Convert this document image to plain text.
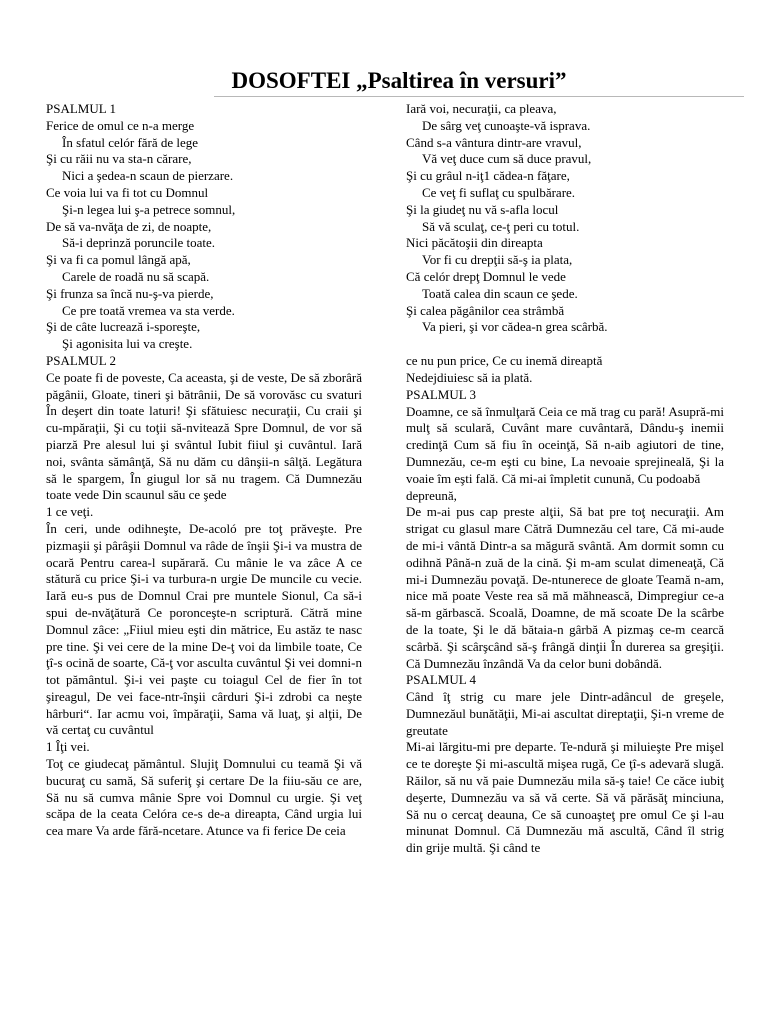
DOSOFTEI „Psaltirea în versuri”
PSALMUL 1
Ferice de omul ce n-a merge
În sfatul celór fără de lege
Şi cu răii nu va sta-n cărare,
Nici a şedea-n scaun de pierzare.
Ce voia lui va fi tot cu Domnul
Şi-n legea lui ş-a petrece somnul,
De să va-nvăţa de zi, de noapte,
Să-i deprinză poruncile toate.
Şi va fi ca pomul lângă apă,
Carele de roadă nu să scapă.
Şi frunza sa încă nu-ş-va pierde,
Ce pre toată vremea va sta verde.
Şi de câte lucrează i-sporeşte,
Şi agonisita lui va creşte.
PSALMUL 2
Ce poate fi de poveste, Ca aceasta, şi de veste, De să zborâră păgânii, Gloate, tineri şi bătrânii, De să vorovăsc cu svaturi În deşert din toate laturi! Şi sfătuiesc necuraţii, Cu craii şi cu-mpăraţii, Şi cu toţii să-nvitează Spre Domnul, de vor să piarză Pre alesul lui şi svântul Iubit fiiul şi cuvântul. Iară noi, svânta sămânţă, Să nu dăm cu dânşii-n sâlţă. Legătura să le spargem, În giugul lor să nu tragem. Că Dumnezău toate vede Din scaunul său ce şede
1 ce veţi.
În ceri, unde odihneşte, De-acoló pre toţ prăveşte. Pre pizmaşii şi pârâşii Domnul va râde de înşii Şi-i va mustra de ocară Pentru carea-l supărară. Cu mânie le va zâce A ce stătură cu price Şi-i va turbura-n urgie De muncile cu vecie. Iară eu-s pus de Domnul Crai pre muntele Sionul, Ca să-i spui de-nvăţătură Ce poronceşte-n scriptură. Cătră mine Domnul zâce: „Fiiul mieu eşti din mătrice, Eu astăz te nasc pre tine. Şi vei cere de la mine De-ţ voi da limbile toate, Ce ţî-s ocină de soarte, Că-ţ vor asculta cuvântul Şi vei domni-n tot pământul. Şi-i vei paşte cu toiagul Cel de fier în tot şireagul, De vei face-ntr-înşii cârduri Şi-i zdrobi ca neşte hârburi“. Iar acmu voi, împăraţii, Sama vă luaţ, şi alţii, De vă certaţ cu cuvântul
1 Îţi vei.
Toţ ce giudecaţ pământul. Slujiţ Domnului cu teamă Şi vă bucuraţ cu samă, Să suferiţ şi certare De la fiiu-său ce are, Să nu să cumva mânie Spre voi Domnul cu urgie. Şi veţ scăpa de la ceata Celóra ce-s de-a direapta, Când urgia lui cea mare Va arde fără-ncetare. Atunce va fi ferice De ceia
Iară voi, necuraţii, ca pleava,
De sârg veţ cunoaşte-vă isprava.
Când s-a vântura dintr-are vravul,
Vă veţ duce cum să duce pravul,
Şi cu grâul n-iţ1 cădea-n făţare,
Ce veţ fi suflaţ cu spulbărare.
Şi la giudeţ nu vă s-afla locul
Să vă sculaţ, ce-ţ peri cu totul.
Nici păcătoşii din direapta
Vor fi cu drepţii să-ş ia plata,
Că celór drepţ Domnul le vede
Toată calea din scaun ce şede.
Şi calea păgânilor cea strâmbă
Va pieri, şi vor cădea-n grea scârbă.
ce nu pun price, Ce cu inemă direaptă
Nedejdiuiesc să ia plată.
PSALMUL 3
Doamne, ce să înmulţară Ceia ce mă trag cu pară! Asupră-mi mulţ să sculară, Cuvânt mare cuvântară, Dându-ş inemii credinţă Cum să fiu în oceinţă, Să n-aib agiutori de tine, Dumnezău, ce-m eşti cu bine, La nevoaie sprejineală, Şi la voaie îm eşti fală. Că mi-ai împletit cunună, Cu podoabă
depreună,
De m-ai pus cap preste alţii, Să bat pre toţ necuraţii. Am strigat cu glasul mare Cătră Dumnezău cel tare, Că mi-aude de mi-i vântă Dintr-a sa măgură svântă. Am dormit somn cu odihnă Până-n zuă de la cină. Şi m-am sculat dimeneaţă, Că mi-i Dumnezău povaţă. De-ntunerece de gloate Teamă n-am, nice mă poate Veste rea să mă măhnească, Dimpregiur ce-a să-m gărbască. Scoală, Doamne, de mă scoate De la scârbe de la toate, Şi le dă bătaia-n gârbă A pizmaş ce-m cearcă scârbă. Şi scârşcând să-ş frângă dinţii În durerea sa greşiţii. Că Dumnezău înzândă Va da celor buni dobândă.
PSALMUL 4
Când îţ strig cu mare jele Dintr-adâncul de greşele, Dumnezăul bunătăţii, Mi-ai ascultat direptaţii, Şi-n vreme de greutate
Mi-ai lărgitu-mi pre departe. Te-ndură şi miluieşte Pre mişel ce te doreşte Şi mi-ascultă mişea rugă, Ce ţî-s adevară slugă. Răilor, să nu vă paie Dumnezău mila să-ş taie! Ce căce iubiţ deşerte, Dumnezău va să vă certe. Să vă părăsăţ minciuna, Să nu o cercaţ deauna, Ce să cunoaşteţ pre omul Ce şi l-au minunat Domnul. Că Dumnezău mă ascultă, Când îl strig din grije multă. Şi când te
